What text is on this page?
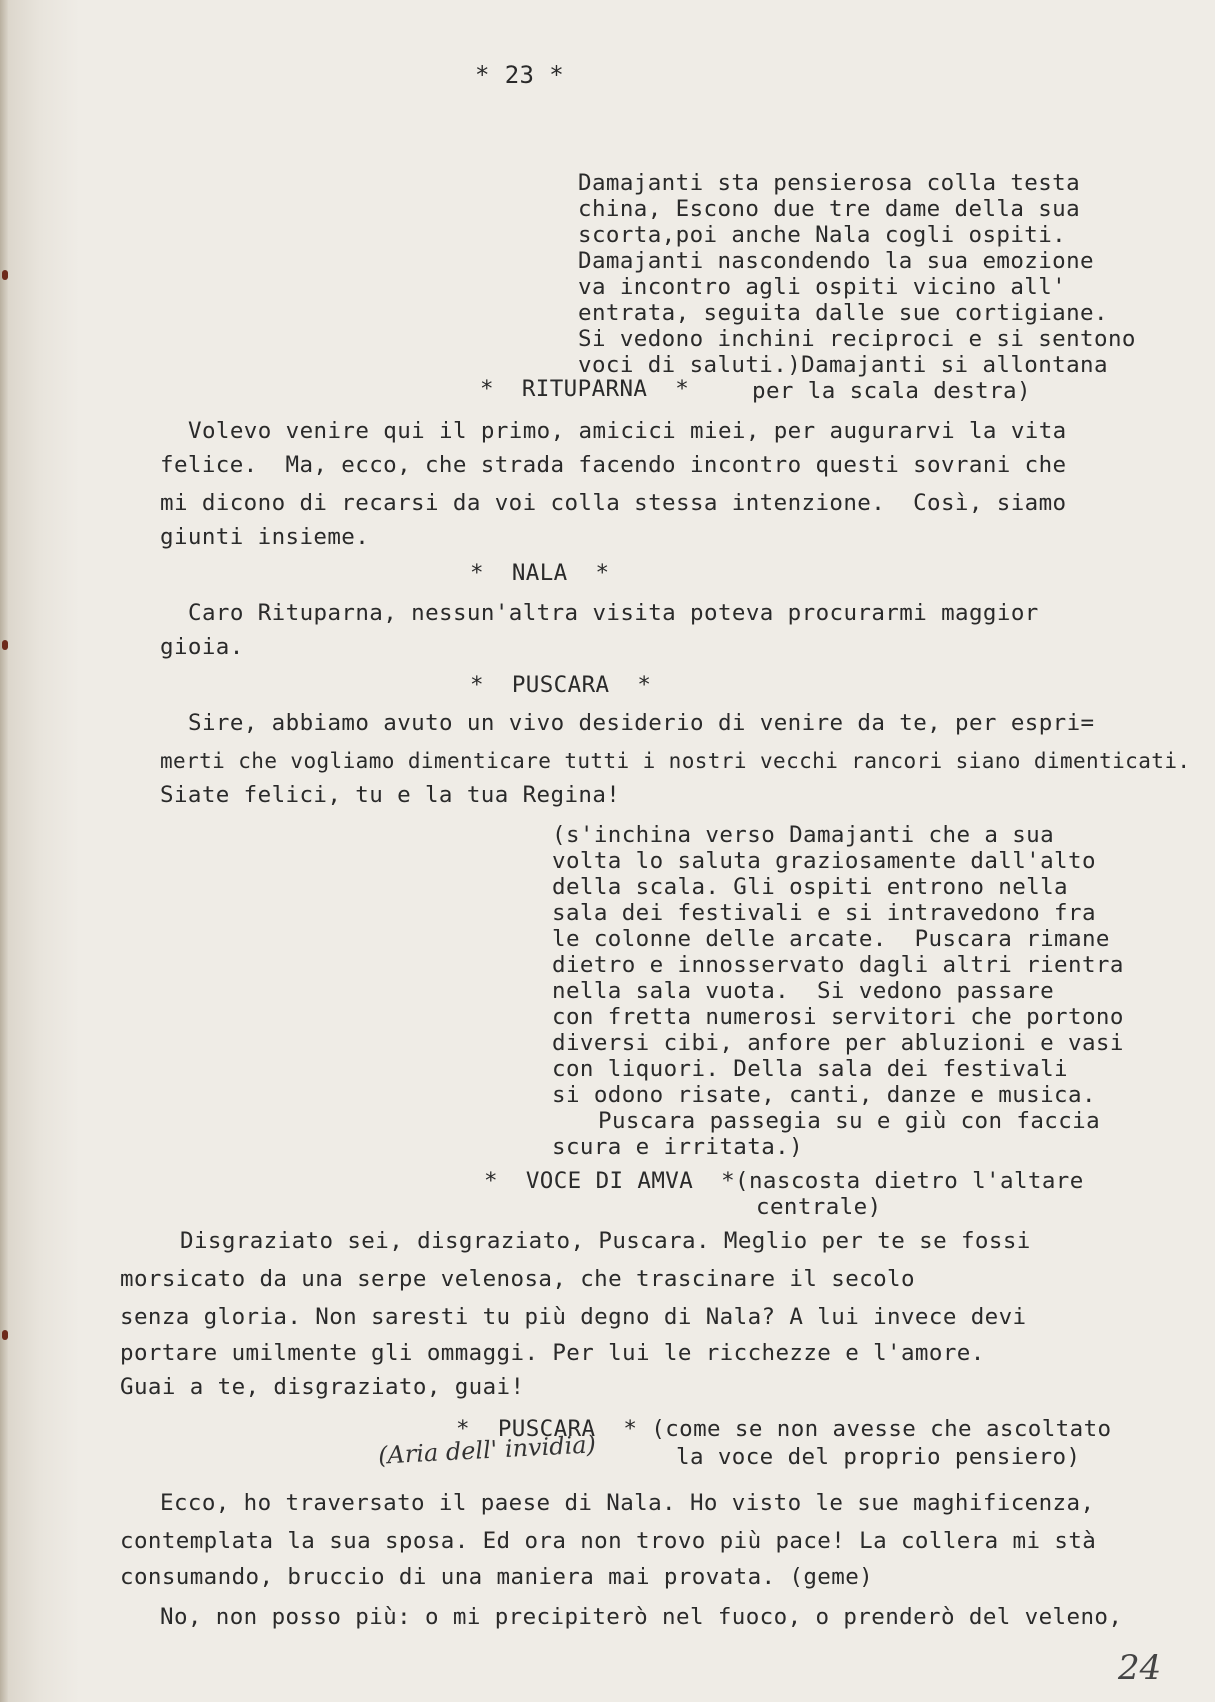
* 23 *
Damajanti sta pensierosa colla testa
china, Escono due tre dame della sua
scorta,poi anche Nala cogli ospiti.
Damajanti nascondendo la sua emozione
va incontro agli ospiti vicino all'
entrata, seguita dalle sue cortigiane.
Si vedono inchini reciproci e si sentono
voci di saluti.)Damajanti si allontana
per la scala destra)
*  RITUPARNA  *
Volevo venire qui il primo, amicici miei, per augurarvi la vita
felice.  Ma, ecco, che strada facendo incontro questi sovrani che
mi dicono di recarsi da voi colla stessa intenzione.  Così, siamo
giunti insieme.
*  NALA  *
Caro Rituparna, nessun'altra visita poteva procurarmi maggior
gioia.
*  PUSCARA  *
Sire, abbiamo avuto un vivo desiderio di venire da te, per espri=
merti che vogliamo dimenticare tutti i nostri vecchi rancori siano dimenticati.
Siate felici, tu e la tua Regina!
(s'inchina verso Damajanti che a sua
volta lo saluta graziosamente dall'alto
della scala. Gli ospiti entrono nella
sala dei festivali e si intravedono fra
le colonne delle arcate.  Puscara rimane
dietro e innosservato dagli altri rientra
nella sala vuota.  Si vedono passare
con fretta numerosi servitori che portono
diversi cibi, anfore per abluzioni e vasi
con liquori. Della sala dei festivali
si odono risate, canti, danze e musica.
Puscara passegia su e giù con faccia
scura e irritata.)
*  VOCE DI AMVA  *(nascosta dietro l'altare
centrale)
Disgraziato sei, disgraziato, Puscara. Meglio per te se fossi
morsicato da una serpe velenosa, che trascinare il secolo
senza gloria. Non saresti tu più degno di Nala? A lui invece devi
portare umilmente gli ommaggi. Per lui le ricchezze e l'amore.
Guai a te, disgraziato, guai!
*  PUSCARA  * (come se non avesse che ascoltato
la voce del proprio pensiero)
(Aria dell' invidia)
Ecco, ho traversato il paese di Nala. Ho visto le sue maghificenza,
contemplata la sua sposa. Ed ora non trovo più pace! La collera mi stà
consumando, bruccio di una maniera mai provata. (geme)
No, non posso più: o mi precipiterò nel fuoco, o prenderò del veleno,
24
